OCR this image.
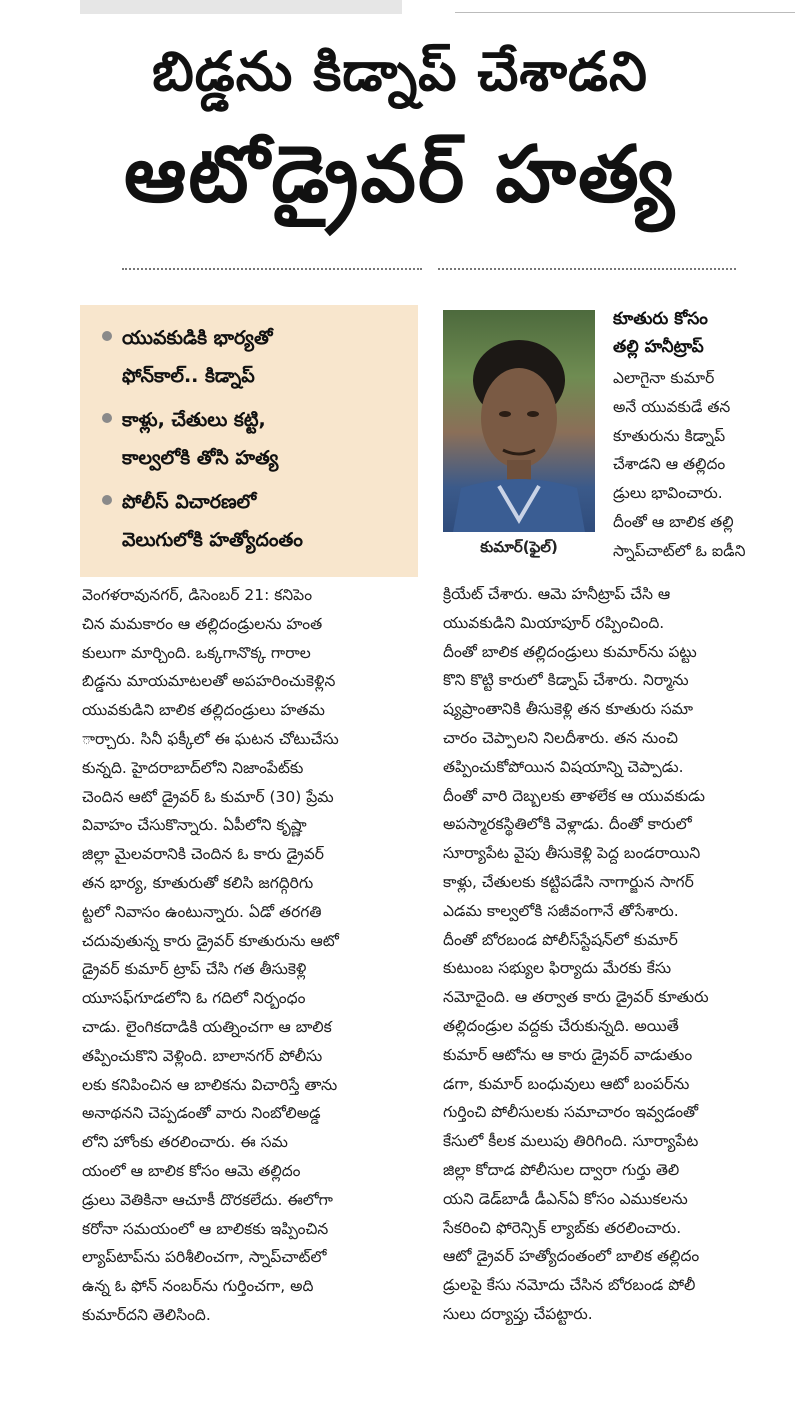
బిడ్డను కిడ్నాప్ చేశాడని
ఆటోడ్రైవర్ హత్య
యువకుడికి భార్యతో
ఫోన్‌కాల్.. కిడ్నాప్
కాళ్లు, చేతులు కట్టి,
కాల్వలోకి తోసి హత్య
పోలీస్ విచారణలో
వెలుగులోకి హత్యోదంతం	కుమార్(ఫైల్)
కూతురు కోసం
తల్లి హనీట్రాప్
ఎలాగైనా కుమార్
అనే యువకుడే తన
కూతురును కిడ్నాప్
చేశాడని ఆ తల్లిదం
డ్రులు భావించారు.
దీంతో ఆ బాలిక తల్లి
స్నాప్‌చాట్‌లో ఓ ఐడీని
వెంగళరావునగర్, డిసెంబర్ 21: కనిపెం
చిన మమకారం ఆ తల్లిదండ్రులను హంత
కులుగా మార్చింది. ఒక్కగానొక్క గారాల
బిడ్డను మాయమాటలతో అపహరించుకెళ్లిన
యువకుడిని బాలిక తల్లిదండ్రులు హతమ
ార్చారు. సినీ ఫక్కీలో ఈ ఘటన చోటుచేసు
కున్నది. హైదరాబాద్‌లోని నిజాంపేట్‌కు
చెందిన ఆటో డ్రైవర్ ఓ కుమార్ (30) ప్రేమ
వివాహం చేసుకొన్నారు. ఏపీలోని కృష్ణా
జిల్లా మైలవరానికి చెందిన ఓ కారు డ్రైవర్
తన భార్య, కూతురుతో కలిసి జగద్గిరిగు
ట్టలో నివాసం ఉంటున్నారు. ఏడో తరగతి
చదువుతున్న కారు డ్రైవర్ కూతురును ఆటో
డ్రైవర్ కుమార్ ట్రాప్ చేసి గత తీసుకెళ్లి
యూసఫ్‌గూడలోని ఓ గదిలో నిర్బంధం
చాడు. లైంగికదాడికి యత్నించగా ఆ బాలిక
తప్పించుకొని వెళ్లింది. బాలానగర్ పోలీసు
లకు కనిపించిన ఆ బాలికను విచారిస్తే తాను
అనాథనని చెప్పడంతో వారు నింబోలిఅడ్డ
లోని హోంకు తరలించారు. ఈ సమ
యంలో ఆ బాలిక కోసం ఆమె తల్లిదం
డ్రులు వెతికినా ఆచూకీ దొరకలేదు. ఈలోగా
కరోనా సమయంలో ఆ బాలికకు ఇప్పించిన
ల్యాప్‌టాప్‌ను పరిశీలించగా, స్నాప్‌చాట్‌లో
ఉన్న ఓ ఫోన్ నంబర్‌ను గుర్తించగా, అది
కుమార్‌దని తెలిసింది.
క్రియేట్ చేశారు. ఆమె హనీట్రాప్ చేసి ఆ
యువకుడిని మియాపూర్ రప్పించింది.
దీంతో బాలిక తల్లిదండ్రులు కుమార్‌ను పట్టు
కొని కొట్టి కారులో కిడ్నాప్ చేశారు. నిర్మాను
ష్యప్రాంతానికి తీసుకెళ్లి తన కూతురు సమా
చారం చెప్పాలని నిలదీశారు. తన నుంచి
తప్పించుకోపోయిన విషయాన్ని చెప్పాడు.
దీంతో వారి దెబ్బలకు తాళలేక ఆ యువకుడు
అపస్మారకస్థితిలోకి వెళ్లాడు. దీంతో కారులో
సూర్యాపేట వైపు తీసుకెళ్లి పెద్ద బండరాయిని
కాళ్లు, చేతులకు కట్టిపడేసి నాగార్జున సాగర్
ఎడమ కాల్వలోకి సజీవంగానే తోసేశారు.
దీంతో బోరబండ పోలీస్‌స్టేషన్‌లో కుమార్
కుటుంబ సభ్యుల ఫిర్యాదు మేరకు కేసు
నమోదైంది. ఆ తర్వాత కారు డ్రైవర్ కూతురు
తల్లిదండ్రుల వద్దకు చేరుకున్నది. అయితే
కుమార్ ఆటోను ఆ కారు డ్రైవర్ వాడుతుం
డగా, కుమార్ బంధువులు ఆటో బంపర్‌ను
గుర్తించి పోలీసులకు సమాచారం ఇవ్వడంతో
కేసులో కీలక మలుపు తిరిగింది. సూర్యాపేట
జిల్లా కోదాడ పోలీసుల ద్వారా గుర్తు తెలి
యని డెడ్‌బాడీ డీఎన్‌ఏ కోసం ఎముకలను
సేకరించి ఫోరెన్సిక్ ల్యాబ్‌కు తరలించారు.
ఆటో డ్రైవర్ హత్యోదంతంలో బాలిక తల్లిదం
డ్రులపై కేసు నమోదు చేసిన బోరబండ పోలీ
సులు దర్యాప్తు చేపట్టారు.
